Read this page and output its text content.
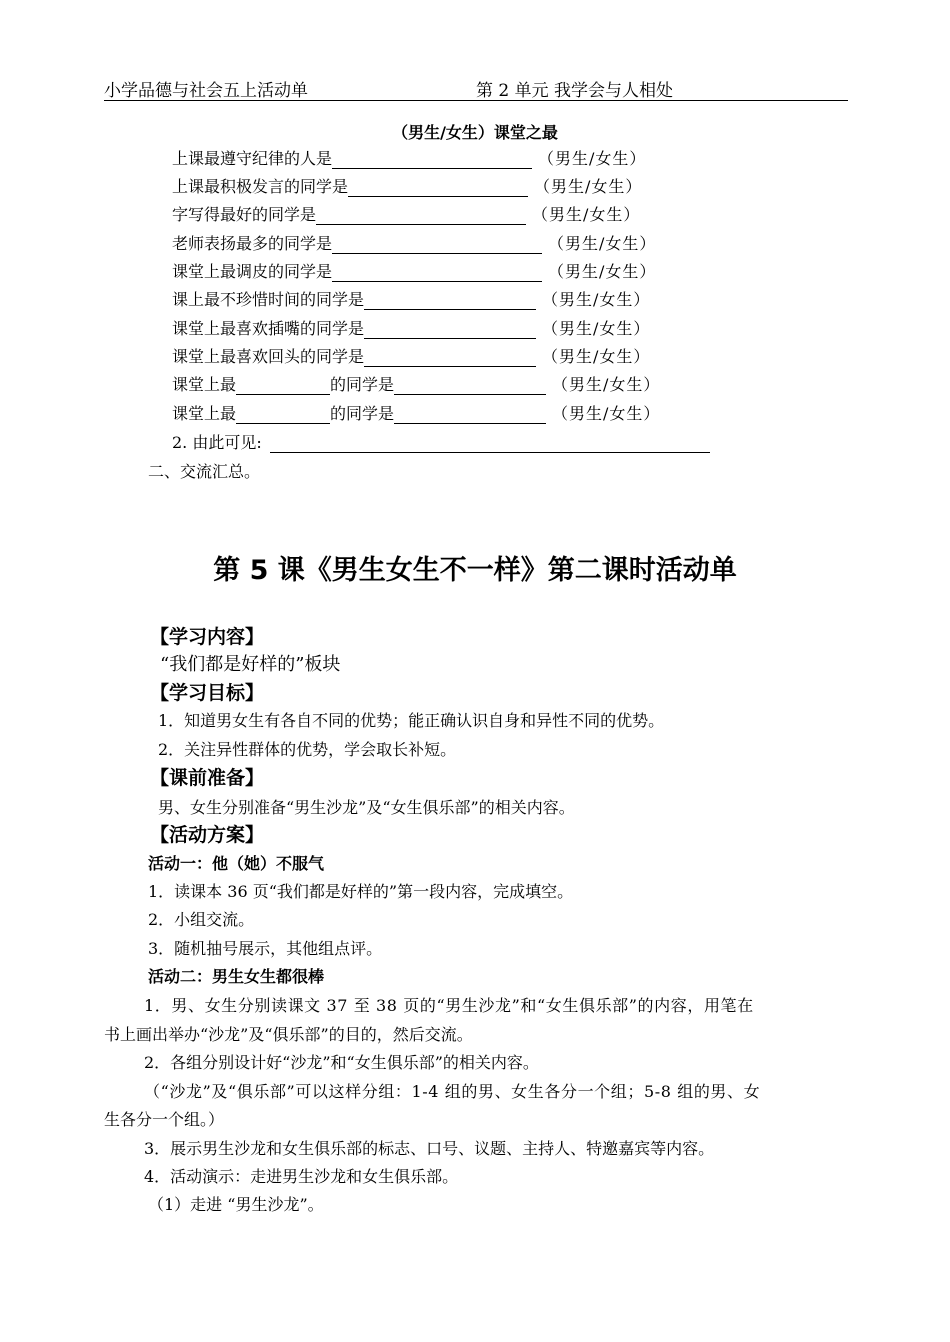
小学品德与社会五上活动单	第 2 单元 我学会与人相处
（男生/女生）课堂之最
上课最遵守纪律的人是	（男生/女生）
上课最积极发言的同学是	（男生/女生）
字写得最好的同学是	（男生/女生）
老师表扬最多的同学是	（男生/女生）
课堂上最调皮的同学是	（男生/女生）
课上最不珍惜时间的同学是	（男生/女生）
课堂上最喜欢插嘴的同学是	（男生/女生）
课堂上最喜欢回头的同学是	（男生/女生）
课堂上最	的同学是	（男生/女生）
课堂上最	的同学是	（男生/女生）
2. 由此可见:
二、交流汇总。
第 5 课《男生女生不一样》第二课时活动单
【学习内容】
“我们都是好样的”板块
【学习目标】
1．知道男女生有各自不同的优势；能正确认识自身和异性不同的优势。
2．关注异性群体的优势，学会取长补短。
【课前准备】
男、女生分别准备“男生沙龙”及“女生俱乐部”的相关内容。
【活动方案】
活动一：他（她）不服气
1．读课本 36 页“我们都是好样的”第一段内容，完成填空。
2．小组交流。
3．随机抽号展示，其他组点评。
活动二：男生女生都很棒
1．男、女生分别读课文 37 至 38 页的“男生沙龙”和“女生俱乐部”的内容，用笔在
书上画出举办“沙龙”及“俱乐部”的目的，然后交流。
2．各组分别设计好“沙龙”和“女生俱乐部”的相关内容。
（“沙龙”及“俱乐部”可以这样分组：1-4 组的男、女生各分一个组；5-8 组的男、女
生各分一个组。）
3．展示男生沙龙和女生俱乐部的标志、口号、议题、主持人、特邀嘉宾等内容。
4．活动演示：走进男生沙龙和女生俱乐部。
（1）走进 “男生沙龙”。
